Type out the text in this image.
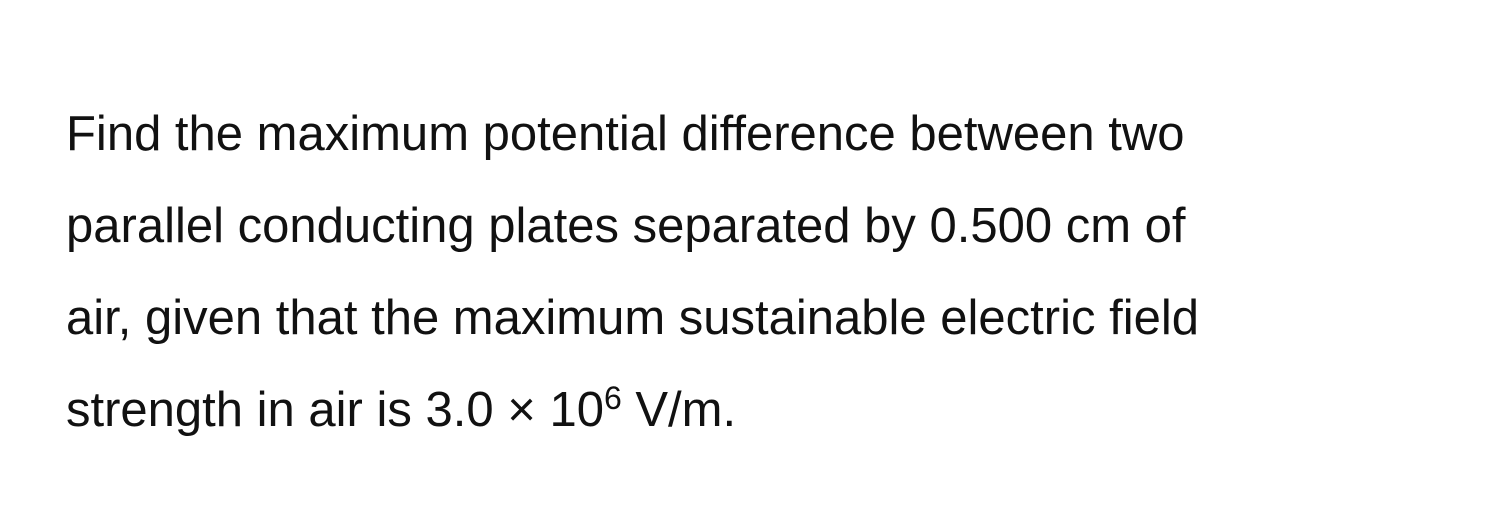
Find the maximum potential difference between two
parallel conducting plates separated by 0.500 cm of
air, given that the maximum sustainable electric field
strength in air is $3.0 \times 10^6$ V/m.
